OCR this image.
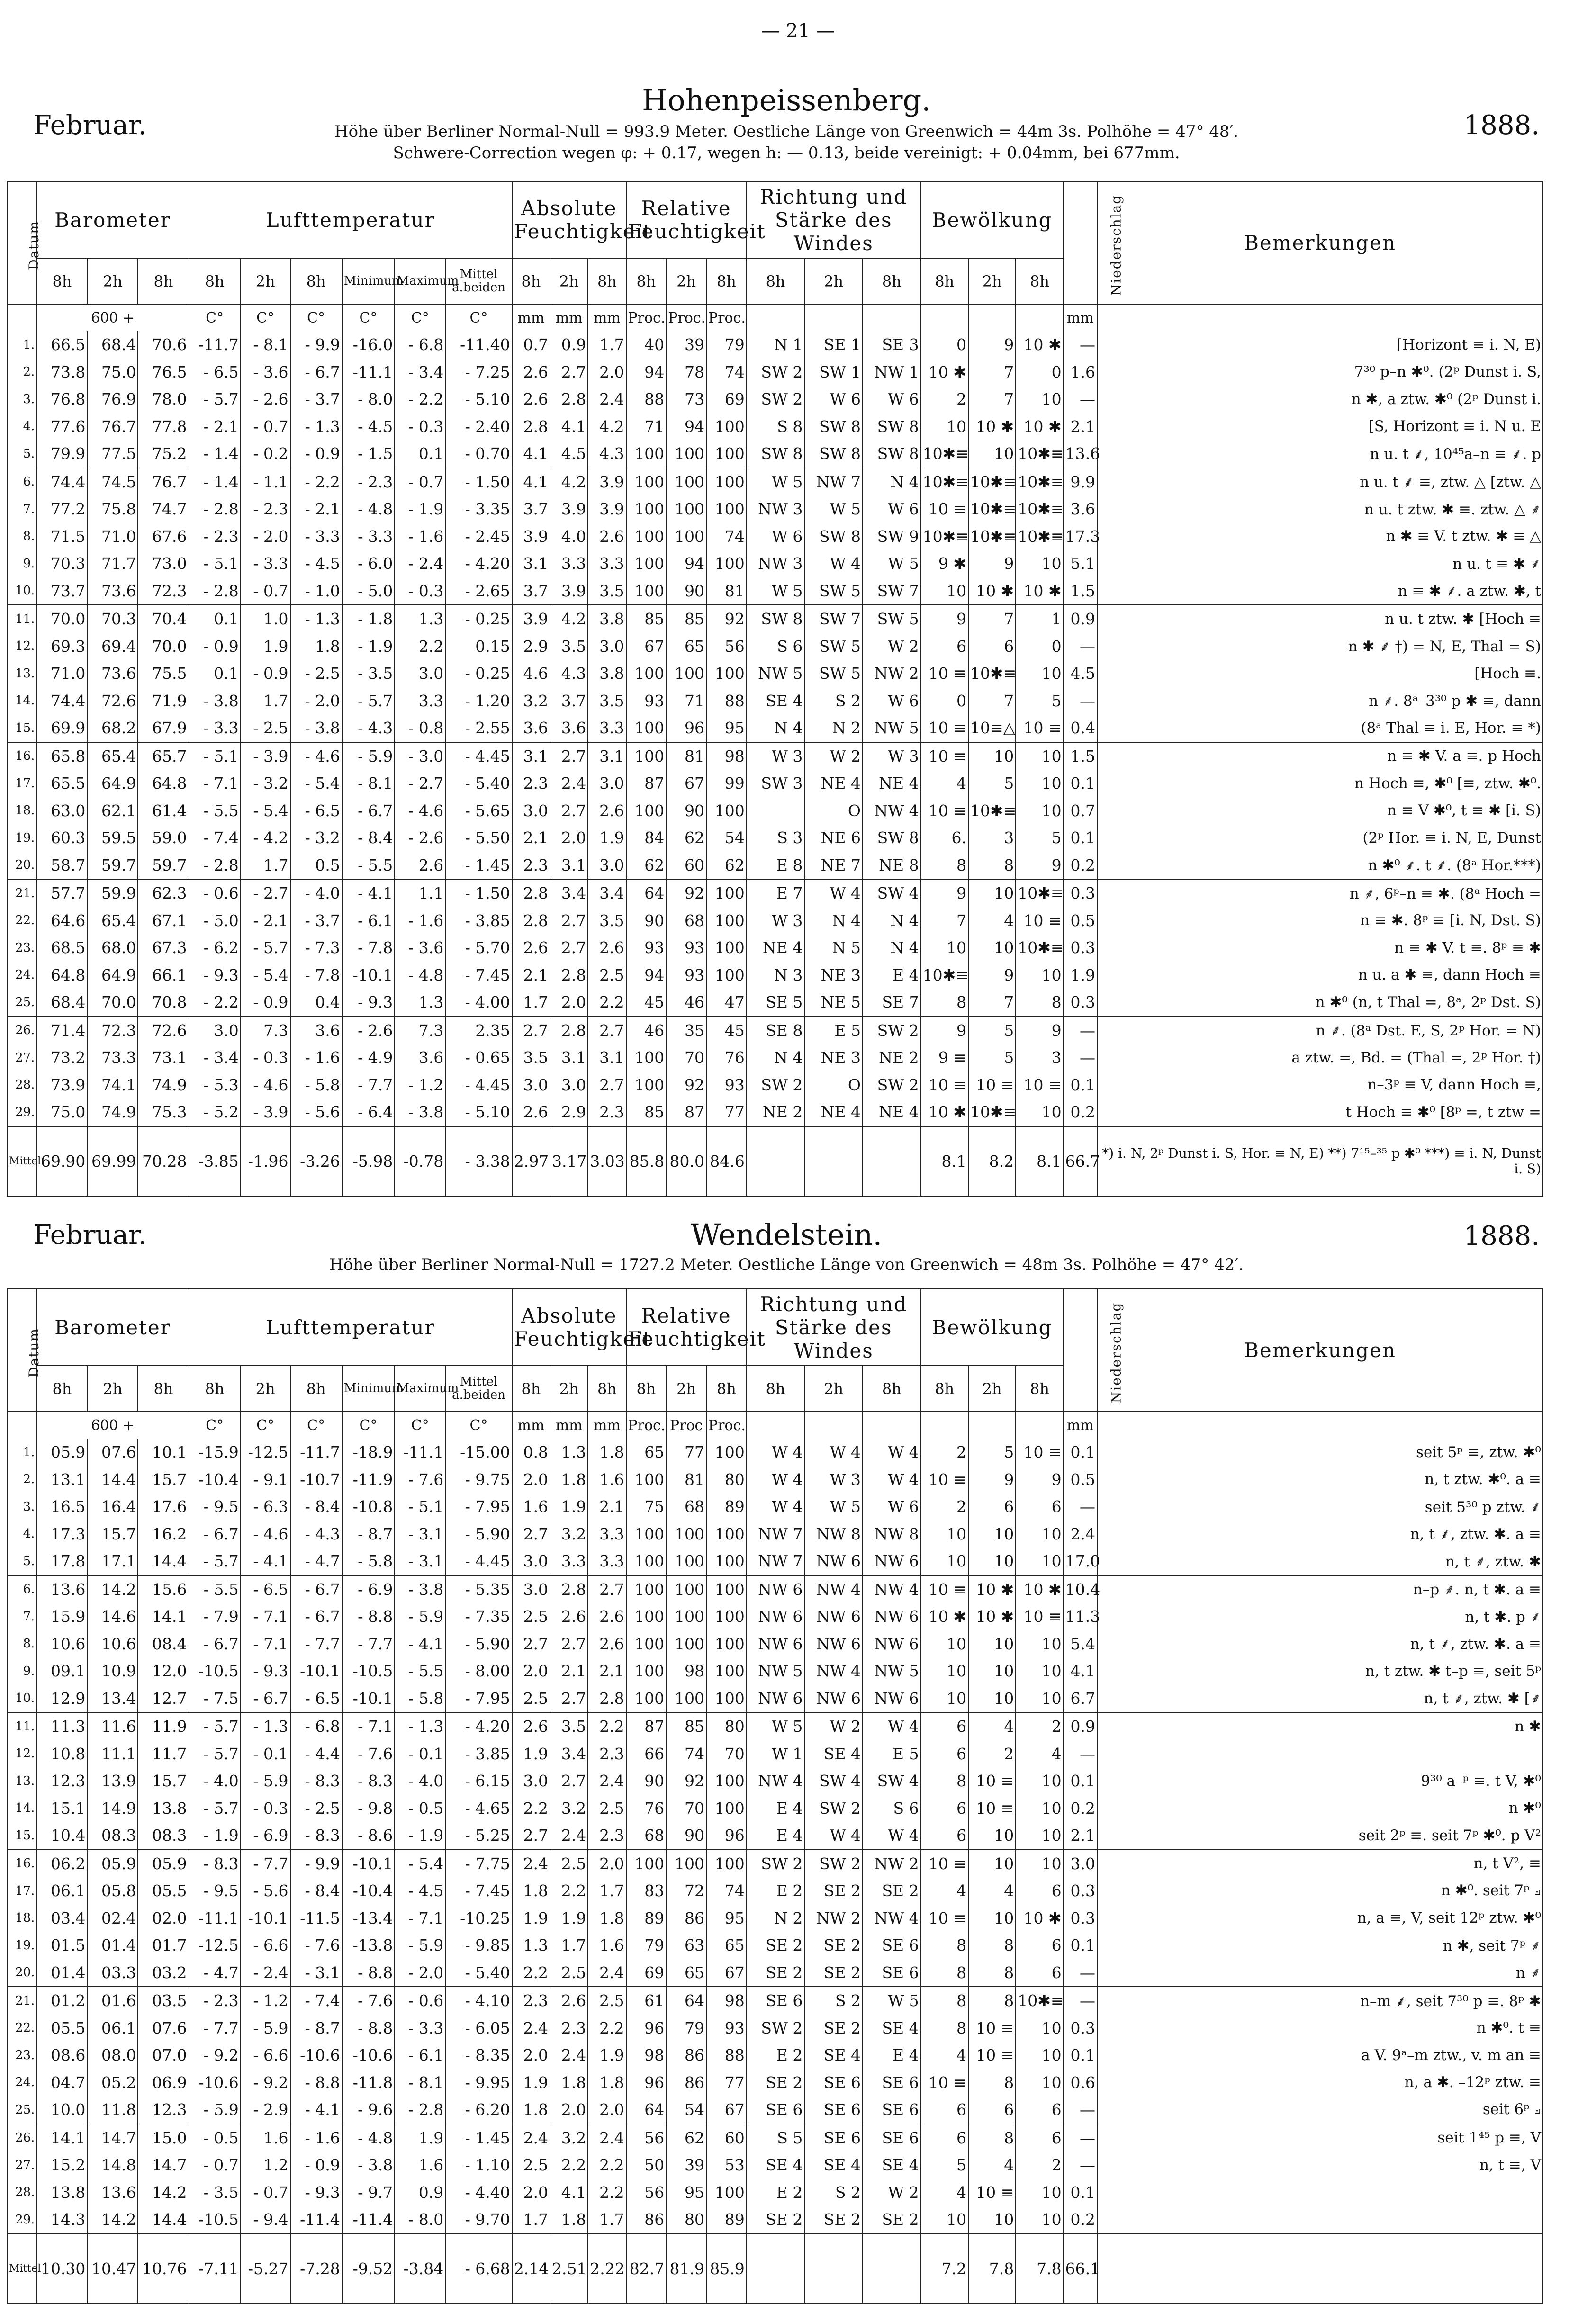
— 21 —
Hohenpeissenberg.
Februar.	1888.
Höhe über Berliner Normal-Null = 993.9 Meter. Oestliche Länge von Greenwich = 44m 3s. Polhöhe = 47° 48′.
Schwere-Correction wegen φ: + 0.17, wegen h: — 0.13, beide vereinigt: + 0.04mm, bei 677mm.
Datum	Barometer			Lufttemperatur						Absolute Feuchtigkeit			Relative Feuchtigkeit			Richtung und Stärke des Windes			Bewölkung			Niederschlag	Bemerkungen
	8h	2h	8h	8h	2h	8h	Minimum	Maximum	Mittel a.beiden	8h	2h	8h	8h	2h	8h	8h	2h	8h	8h	2h	8h		
	600 +			C°	C°	C°	C°	C°	C°	mm	mm	mm	Proc.	Proc.	Proc.							mm	
1.	66.5	68.4	70.6	-11.7	- 8.1	- 9.9	-16.0	- 6.8	-11.40	0.7	0.9	1.7	40	39	79	N 1	SE 1	SE 3	0	9	10 ✱	—	[Horizont ≡ i. N, E)
2.	73.8	75.0	76.5	- 6.5	- 3.6	- 6.7	-11.1	- 3.4	- 7.25	2.6	2.7	2.0	94	78	74	SW 2	SW 1	NW 1	10 ✱	7	0	1.6	7³⁰ p–n ✱⁰. (2ᵖ Dunst i. S,
3.	76.8	76.9	78.0	- 5.7	- 2.6	- 3.7	- 8.0	- 2.2	- 5.10	2.6	2.8	2.4	88	73	69	SW 2	W 6	W 6	2	7	10	—	n ✱, a ztw. ✱⁰ (2ᵖ Dunst i.
4.	77.6	76.7	77.8	- 2.1	- 0.7	- 1.3	- 4.5	- 0.3	- 2.40	2.8	4.1	4.2	71	94	100	S 8	SW 8	SW 8	10	10 ✱	10 ✱	2.1	[S, Horizont ≡ i. N u. E
5.	79.9	77.5	75.2	- 1.4	- 0.2	- 0.9	- 1.5	0.1	- 0.70	4.1	4.5	4.3	100	100	100	SW 8	SW 8	SW 8	10✱≡	10	10✱≡	13.6	n u. t ⸙, 10⁴⁵a–n ≡ ⸙. p
6.	74.4	74.5	76.7	- 1.4	- 1.1	- 2.2	- 2.3	- 0.7	- 1.50	4.1	4.2	3.9	100	100	100	W 5	NW 7	N 4	10✱≡	10✱≡	10✱≡	9.9	n u. t ⸙ ≡, ztw. △ [ztw. △
7.	77.2	75.8	74.7	- 2.8	- 2.3	- 2.1	- 4.8	- 1.9	- 3.35	3.7	3.9	3.9	100	100	100	NW 3	W 5	W 6	10 ≡	10✱≡	10✱≡	3.6	n u. t ztw. ✱ ≡. ztw. △ ⸙
8.	71.5	71.0	67.6	- 2.3	- 2.0	- 3.3	- 3.3	- 1.6	- 2.45	3.9	4.0	2.6	100	100	74	W 6	SW 8	SW 9	10✱≡	10✱≡	10✱≡	17.3	n ✱ ≡ V. t ztw. ✱ ≡ △
9.	70.3	71.7	73.0	- 5.1	- 3.3	- 4.5	- 6.0	- 2.4	- 4.20	3.1	3.3	3.3	100	94	100	NW 3	W 4	W 5	9 ✱	9	10	5.1	n u. t ≡ ✱ ⸙
10.	73.7	73.6	72.3	- 2.8	- 0.7	- 1.0	- 5.0	- 0.3	- 2.65	3.7	3.9	3.5	100	90	81	W 5	SW 5	SW 7	10	10 ✱	10 ✱	1.5	n ≡ ✱ ⸙. a ztw. ✱, t
11.	70.0	70.3	70.4	0.1	1.0	- 1.3	- 1.8	1.3	- 0.25	3.9	4.2	3.8	85	85	92	SW 8	SW 7	SW 5	9	7	1	0.9	n u. t ztw. ✱ [Hoch ≡
12.	69.3	69.4	70.0	- 0.9	1.9	1.8	- 1.9	2.2	0.15	2.9	3.5	3.0	67	65	56	S 6	SW 5	W 2	6	6	0	—	n ✱ ⸙ †) = N, E, Thal = S)
13.	71.0	73.6	75.5	0.1	- 0.9	- 2.5	- 3.5	3.0	- 0.25	4.6	4.3	3.8	100	100	100	NW 5	SW 5	NW 2	10 ≡	10✱≡	10	4.5	[Hoch ≡.
14.	74.4	72.6	71.9	- 3.8	1.7	- 2.0	- 5.7	3.3	- 1.20	3.2	3.7	3.5	93	71	88	SE 4	S 2	W 6	0	7	5	—	n ⸙. 8ᵃ–3³⁰ p ✱ ≡, dann
15.	69.9	68.2	67.9	- 3.3	- 2.5	- 3.8	- 4.3	- 0.8	- 2.55	3.6	3.6	3.3	100	96	95	N 4	N 2	NW 5	10 ≡	10≡△	10 ≡	0.4	(8ᵃ Thal ≡ i. E, Hor. ≡ *)
16.	65.8	65.4	65.7	- 5.1	- 3.9	- 4.6	- 5.9	- 3.0	- 4.45	3.1	2.7	3.1	100	81	98	W 3	W 2	W 3	10 ≡	10	10	1.5	n ≡ ✱ V. a ≡. p Hoch
17.	65.5	64.9	64.8	- 7.1	- 3.2	- 5.4	- 8.1	- 2.7	- 5.40	2.3	2.4	3.0	87	67	99	SW 3	NE 4	NE 4	4	5	10	0.1	n Hoch ≡, ✱⁰ [≡, ztw. ✱⁰.
18.	63.0	62.1	61.4	- 5.5	- 5.4	- 6.5	- 6.7	- 4.6	- 5.65	3.0	2.7	2.6	100	90	100		O	NW 4	10 ≡	10✱≡	10	0.7	n ≡ V ✱⁰, t ≡ ✱ [i. S)
19.	60.3	59.5	59.0	- 7.4	- 4.2	- 3.2	- 8.4	- 2.6	- 5.50	2.1	2.0	1.9	84	62	54	S 3	NE 6	SW 8	6.	3	5	0.1	(2ᵖ Hor. ≡ i. N, E, Dunst
20.	58.7	59.7	59.7	- 2.8	1.7	0.5	- 5.5	2.6	- 1.45	2.3	3.1	3.0	62	60	62	E 8	NE 7	NE 8	8	8	9	0.2	n ✱⁰ ⸙. t ⸙. (8ᵃ Hor.***)
21.	57.7	59.9	62.3	- 0.6	- 2.7	- 4.0	- 4.1	1.1	- 1.50	2.8	3.4	3.4	64	92	100	E 7	W 4	SW 4	9	10	10✱≡	0.3	n ⸙, 6ᵖ–n ≡ ✱. (8ᵃ Hoch =
22.	64.6	65.4	67.1	- 5.0	- 2.1	- 3.7	- 6.1	- 1.6	- 3.85	2.8	2.7	3.5	90	68	100	W 3	N 4	N 4	7	4	10 ≡	0.5	n ≡ ✱. 8ᵖ ≡ [i. N, Dst. S)
23.	68.5	68.0	67.3	- 6.2	- 5.7	- 7.3	- 7.8	- 3.6	- 5.70	2.6	2.7	2.6	93	93	100	NE 4	N 5	N 4	10	10	10✱≡	0.3	n ≡ ✱ V. t ≡. 8ᵖ ≡ ✱
24.	64.8	64.9	66.1	- 9.3	- 5.4	- 7.8	-10.1	- 4.8	- 7.45	2.1	2.8	2.5	94	93	100	N 3	NE 3	E 4	10✱≡	9	10	1.9	n u. a ✱ ≡, dann Hoch ≡
25.	68.4	70.0	70.8	- 2.2	- 0.9	0.4	- 9.3	1.3	- 4.00	1.7	2.0	2.2	45	46	47	SE 5	NE 5	SE 7	8	7	8	0.3	n ✱⁰ (n, t Thal =, 8ᵃ, 2ᵖ Dst. S)
26.	71.4	72.3	72.6	3.0	7.3	3.6	- 2.6	7.3	2.35	2.7	2.8	2.7	46	35	45	SE 8	E 5	SW 2	9	5	9	—	n ⸙. (8ᵃ Dst. E, S, 2ᵖ Hor. = N)
27.	73.2	73.3	73.1	- 3.4	- 0.3	- 1.6	- 4.9	3.6	- 0.65	3.5	3.1	3.1	100	70	76	N 4	NE 3	NE 2	9 ≡	5	3	—	a ztw. =, Bd. = (Thal =, 2ᵖ Hor. †)
28.	73.9	74.1	74.9	- 5.3	- 4.6	- 5.8	- 7.7	- 1.2	- 4.45	3.0	3.0	2.7	100	92	93	SW 2	O	SW 2	10 ≡	10 ≡	10 ≡	0.1	n–3ᵖ ≡ V, dann Hoch ≡,
29.	75.0	74.9	75.3	- 5.2	- 3.9	- 5.6	- 6.4	- 3.8	- 5.10	2.6	2.9	2.3	85	87	77	NE 2	NE 4	NE 4	10 ✱	10✱≡	10	0.2	t Hoch ≡ ✱⁰ [8ᵖ =, t ztw =
Mittel	69.90	69.99	70.28	-3.85	-1.96	-3.26	-5.98	-0.78	- 3.38	2.97	3.17	3.03	85.8	80.0	84.6				8.1	8.2	8.1	66.7	*) i. N, 2ᵖ Dunst i. S, Hor. ≡ N, E) **) 7¹⁵–³⁵ p ✱⁰ ***) ≡ i. N, Dunst i. S)
Februar.	Wendelstein.	1888.
Höhe über Berliner Normal-Null = 1727.2 Meter. Oestliche Länge von Greenwich = 48m 3s. Polhöhe = 47° 42′.
Datum	Barometer			Lufttemperatur						Absolute Feuchtigkeit			Relative Feuchtigkeit			Richtung und Stärke des Windes			Bewölkung			Niederschlag	Bemerkungen
	8h	2h	8h	8h	2h	8h	Minimum	Maximum	Mittel a.beiden	8h	2h	8h	8h	2h	8h	8h	2h	8h	8h	2h	8h		
	600 +			C°	C°	C°	C°	C°	C°	mm	mm	mm	Proc.	Proc	Proc.							mm	
1.	05.9	07.6	10.1	-15.9	-12.5	-11.7	-18.9	-11.1	-15.00	0.8	1.3	1.8	65	77	100	W 4	W 4	W 4	2	5	10 ≡	0.1	seit 5ᵖ ≡, ztw. ✱⁰
2.	13.1	14.4	15.7	-10.4	- 9.1	-10.7	-11.9	- 7.6	- 9.75	2.0	1.8	1.6	100	81	80	W 4	W 3	W 4	10 ≡	9	9	0.5	n, t ztw. ✱⁰. a ≡
3.	16.5	16.4	17.6	- 9.5	- 6.3	- 8.4	-10.8	- 5.1	- 7.95	1.6	1.9	2.1	75	68	89	W 4	W 5	W 6	2	6	6	—	seit 5³⁰ p ztw. ⸙
4.	17.3	15.7	16.2	- 6.7	- 4.6	- 4.3	- 8.7	- 3.1	- 5.90	2.7	3.2	3.3	100	100	100	NW 7	NW 8	NW 8	10	10	10	2.4	n, t ⸙, ztw. ✱. a ≡
5.	17.8	17.1	14.4	- 5.7	- 4.1	- 4.7	- 5.8	- 3.1	- 4.45	3.0	3.3	3.3	100	100	100	NW 7	NW 6	NW 6	10	10	10	17.0	n, t ⸙, ztw. ✱
6.	13.6	14.2	15.6	- 5.5	- 6.5	- 6.7	- 6.9	- 3.8	- 5.35	3.0	2.8	2.7	100	100	100	NW 6	NW 4	NW 4	10 ≡	10 ✱	10 ✱	10.4	n–p ⸙. n, t ✱. a ≡
7.	15.9	14.6	14.1	- 7.9	- 7.1	- 6.7	- 8.8	- 5.9	- 7.35	2.5	2.6	2.6	100	100	100	NW 6	NW 6	NW 6	10 ✱	10 ✱	10 ≡	11.3	n, t ✱. p ⸙
8.	10.6	10.6	08.4	- 6.7	- 7.1	- 7.7	- 7.7	- 4.1	- 5.90	2.7	2.7	2.6	100	100	100	NW 6	NW 6	NW 6	10	10	10	5.4	n, t ⸙, ztw. ✱. a ≡
9.	09.1	10.9	12.0	-10.5	- 9.3	-10.1	-10.5	- 5.5	- 8.00	2.0	2.1	2.1	100	98	100	NW 5	NW 4	NW 5	10	10	10	4.1	n, t ztw. ✱ t–p ≡, seit 5ᵖ
10.	12.9	13.4	12.7	- 7.5	- 6.7	- 6.5	-10.1	- 5.8	- 7.95	2.5	2.7	2.8	100	100	100	NW 6	NW 6	NW 6	10	10	10	6.7	n, t ⸙, ztw. ✱ [⸙
11.	11.3	11.6	11.9	- 5.7	- 1.3	- 6.8	- 7.1	- 1.3	- 4.20	2.6	3.5	2.2	87	85	80	W 5	W 2	W 4	6	4	2	0.9	n ✱
12.	10.8	11.1	11.7	- 5.7	- 0.1	- 4.4	- 7.6	- 0.1	- 3.85	1.9	3.4	2.3	66	74	70	W 1	SE 4	E 5	6	2	4	—	
13.	12.3	13.9	15.7	- 4.0	- 5.9	- 8.3	- 8.3	- 4.0	- 6.15	3.0	2.7	2.4	90	92	100	NW 4	SW 4	SW 4	8	10 ≡	10	0.1	9³⁰ a–ᵖ ≡. t V, ✱⁰
14.	15.1	14.9	13.8	- 5.7	- 0.3	- 2.5	- 9.8	- 0.5	- 4.65	2.2	3.2	2.5	76	70	100	E 4	SW 2	S 6	6	10 ≡	10	0.2	n ✱⁰
15.	10.4	08.3	08.3	- 1.9	- 6.9	- 8.3	- 8.6	- 1.9	- 5.25	2.7	2.4	2.3	68	90	96	E 4	W 4	W 4	6	10	10	2.1	seit 2ᵖ ≡. seit 7ᵖ ✱⁰. p V²
16.	06.2	05.9	05.9	- 8.3	- 7.7	- 9.9	-10.1	- 5.4	- 7.75	2.4	2.5	2.0	100	100	100	SW 2	SW 2	NW 2	10 ≡	10	10	3.0	n, t V², ≡
17.	06.1	05.8	05.5	- 9.5	- 5.6	- 8.4	-10.4	- 4.5	- 7.45	1.8	2.2	1.7	83	72	74	E 2	SE 2	SE 2	4	4	6	0.3	n ✱⁰. seit 7ᵖ ⟓
18.	03.4	02.4	02.0	-11.1	-10.1	-11.5	-13.4	- 7.1	-10.25	1.9	1.9	1.8	89	86	95	N 2	NW 2	NW 4	10 ≡	10	10 ✱	0.3	n, a ≡, V, seit 12ᵖ ztw. ✱⁰
19.	01.5	01.4	01.7	-12.5	- 6.6	- 7.6	-13.8	- 5.9	- 9.85	1.3	1.7	1.6	79	63	65	SE 2	SE 2	SE 6	8	8	6	0.1	n ✱, seit 7ᵖ ⸙
20.	01.4	03.3	03.2	- 4.7	- 2.4	- 3.1	- 8.8	- 2.0	- 5.40	2.2	2.5	2.4	69	65	67	SE 2	SE 2	SE 6	8	8	6	—	n ⸙
21.	01.2	01.6	03.5	- 2.3	- 1.2	- 7.4	- 7.6	- 0.6	- 4.10	2.3	2.6	2.5	61	64	98	SE 6	S 2	W 5	8	8	10✱≡	—	n–m ⸙, seit 7³⁰ p ≡. 8ᵖ ✱
22.	05.5	06.1	07.6	- 7.7	- 5.9	- 8.7	- 8.8	- 3.3	- 6.05	2.4	2.3	2.2	96	79	93	SW 2	SE 2	SE 4	8	10 ≡	10	0.3	n ✱⁰. t ≡
23.	08.6	08.0	07.0	- 9.2	- 6.6	-10.6	-10.6	- 6.1	- 8.35	2.0	2.4	1.9	98	86	88	E 2	SE 4	E 4	4	10 ≡	10	0.1	a V. 9ᵃ–m ztw., v. m an ≡
24.	04.7	05.2	06.9	-10.6	- 9.2	- 8.8	-11.8	- 8.1	- 9.95	1.9	1.8	1.8	96	86	77	SE 2	SE 6	SE 6	10 ≡	8	10	0.6	n, a ✱. –12ᵖ ztw. ≡
25.	10.0	11.8	12.3	- 5.9	- 2.9	- 4.1	- 9.6	- 2.8	- 6.20	1.8	2.0	2.0	64	54	67	SE 6	SE 6	SE 6	6	6	6	—	seit 6ᵖ ⟓
26.	14.1	14.7	15.0	- 0.5	1.6	- 1.6	- 4.8	1.9	- 1.45	2.4	3.2	2.4	56	62	60	S 5	SE 6	SE 6	6	8	6	—	seit 1⁴⁵ p ≡, V
27.	15.2	14.8	14.7	- 0.7	1.2	- 0.9	- 3.8	1.6	- 1.10	2.5	2.2	2.2	50	39	53	SE 4	SE 4	SE 4	5	4	2	—	n, t ≡, V
28.	13.8	13.6	14.2	- 3.5	- 0.7	- 9.3	- 9.7	0.9	- 4.40	2.0	4.1	2.2	56	95	100	E 2	S 2	W 2	4	10 ≡	10	0.1	
29.	14.3	14.2	14.4	-10.5	- 9.4	-11.4	-11.4	- 8.0	- 9.70	1.7	1.8	1.7	86	80	89	SE 2	SE 2	SE 2	10	10	10	0.2	
Mittel	10.30	10.47	10.76	-7.11	-5.27	-7.28	-9.52	-3.84	- 6.68	2.14	2.51	2.22	82.7	81.9	85.9				7.2	7.8	7.8	66.1	
